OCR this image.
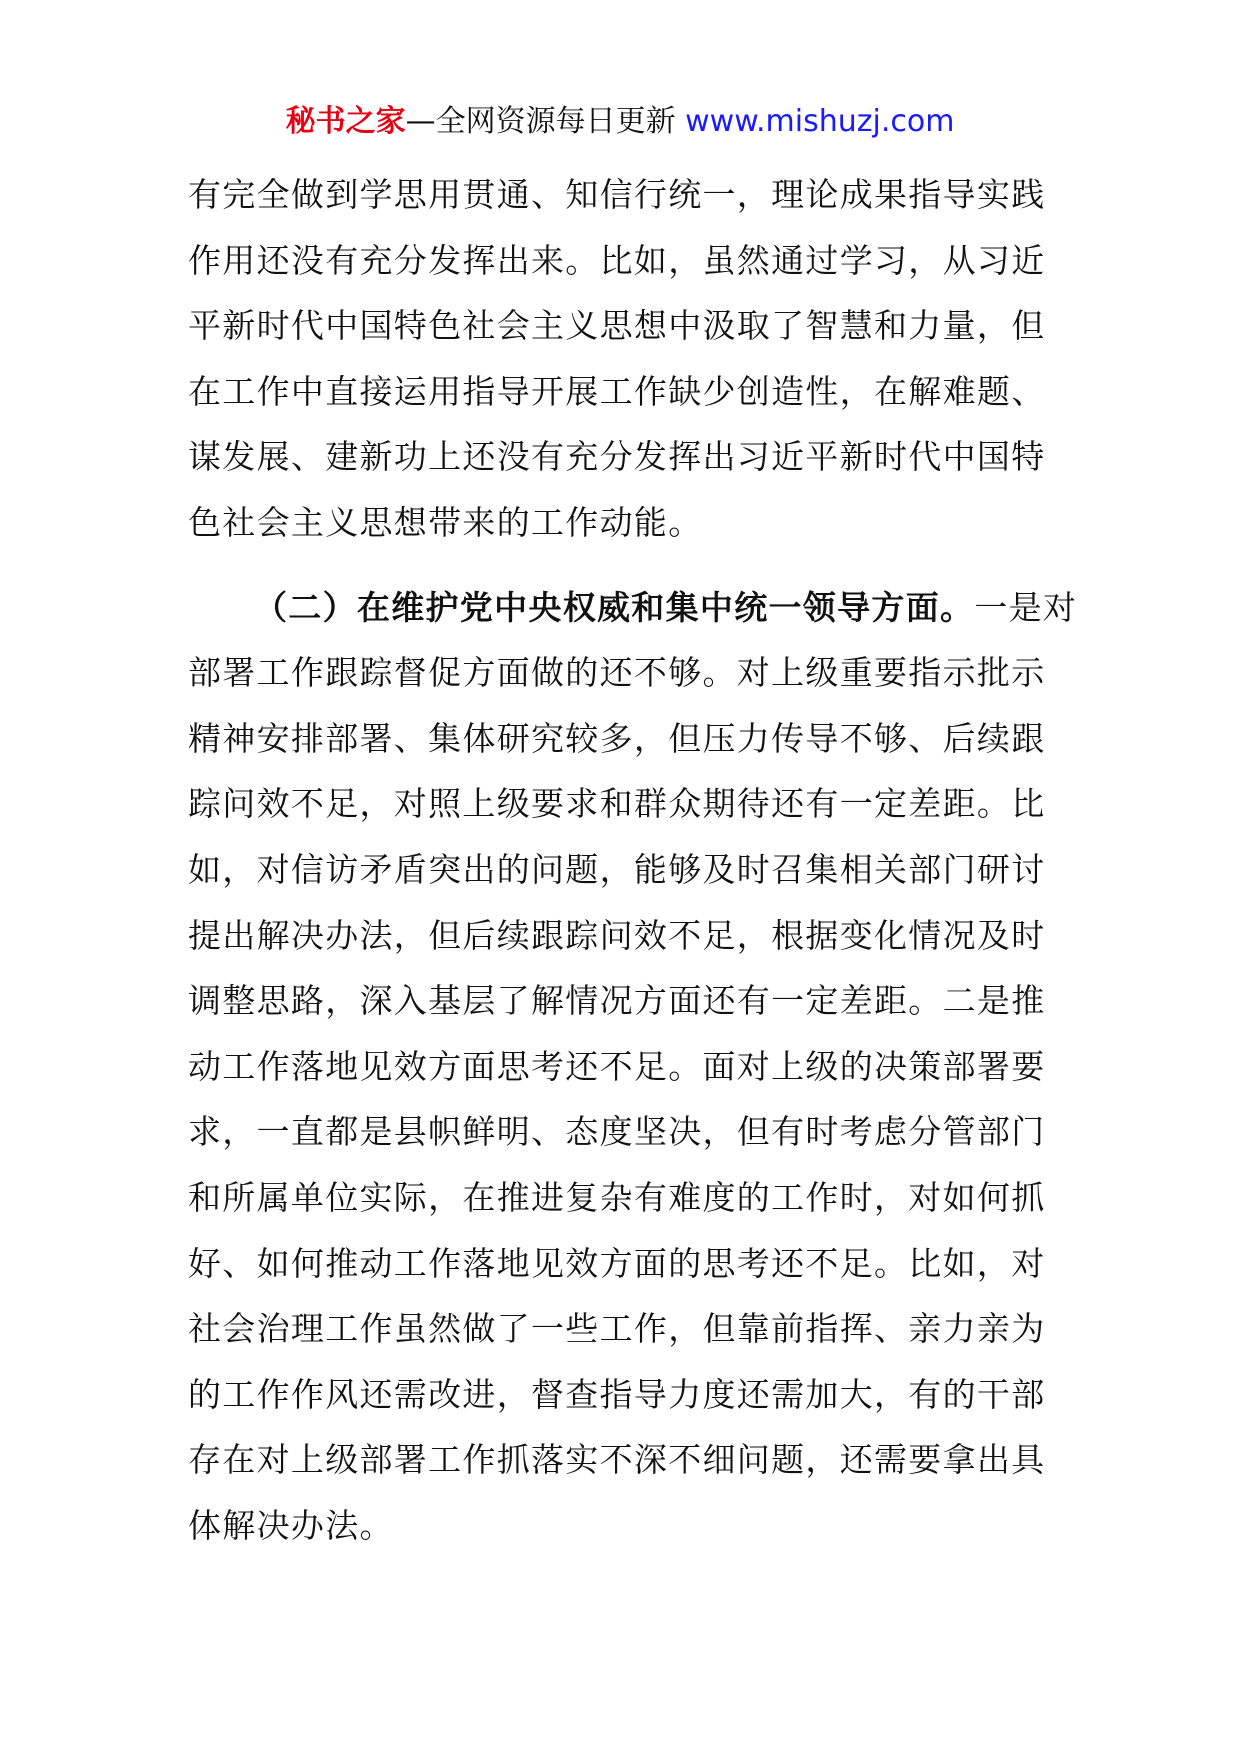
秘书之家—全网资源每日更新 www.mishuzj.com

有完全做到学思用贯通、知信行统一，理论成果指导实践
作用还没有充分发挥出来。比如，虽然通过学习，从习近
平新时代中国特色社会主义思想中汲取了智慧和力量，但
在工作中直接运用指导开展工作缺少创造性，在解难题、
谋发展、建新功上还没有充分发挥出习近平新时代中国特
色社会主义思想带来的工作动能。

（二）在维护党中央权威和集中统一领导方面。一是对
部署工作跟踪督促方面做的还不够。对上级重要指示批示
精神安排部署、集体研究较多，但压力传导不够、后续跟
踪问效不足，对照上级要求和群众期待还有一定差距。比
如，对信访矛盾突出的问题，能够及时召集相关部门研讨
提出解决办法，但后续跟踪问效不足，根据变化情况及时
调整思路，深入基层了解情况方面还有一定差距。二是推
动工作落地见效方面思考还不足。面对上级的决策部署要
求，一直都是县帜鲜明、态度坚决，但有时考虑分管部门
和所属单位实际，在推进复杂有难度的工作时，对如何抓
好、如何推动工作落地见效方面的思考还不足。比如，对
社会治理工作虽然做了一些工作，但靠前指挥、亲力亲为
的工作作风还需改进，督查指导力度还需加大，有的干部
存在对上级部署工作抓落实不深不细问题，还需要拿出具
体解决办法。
